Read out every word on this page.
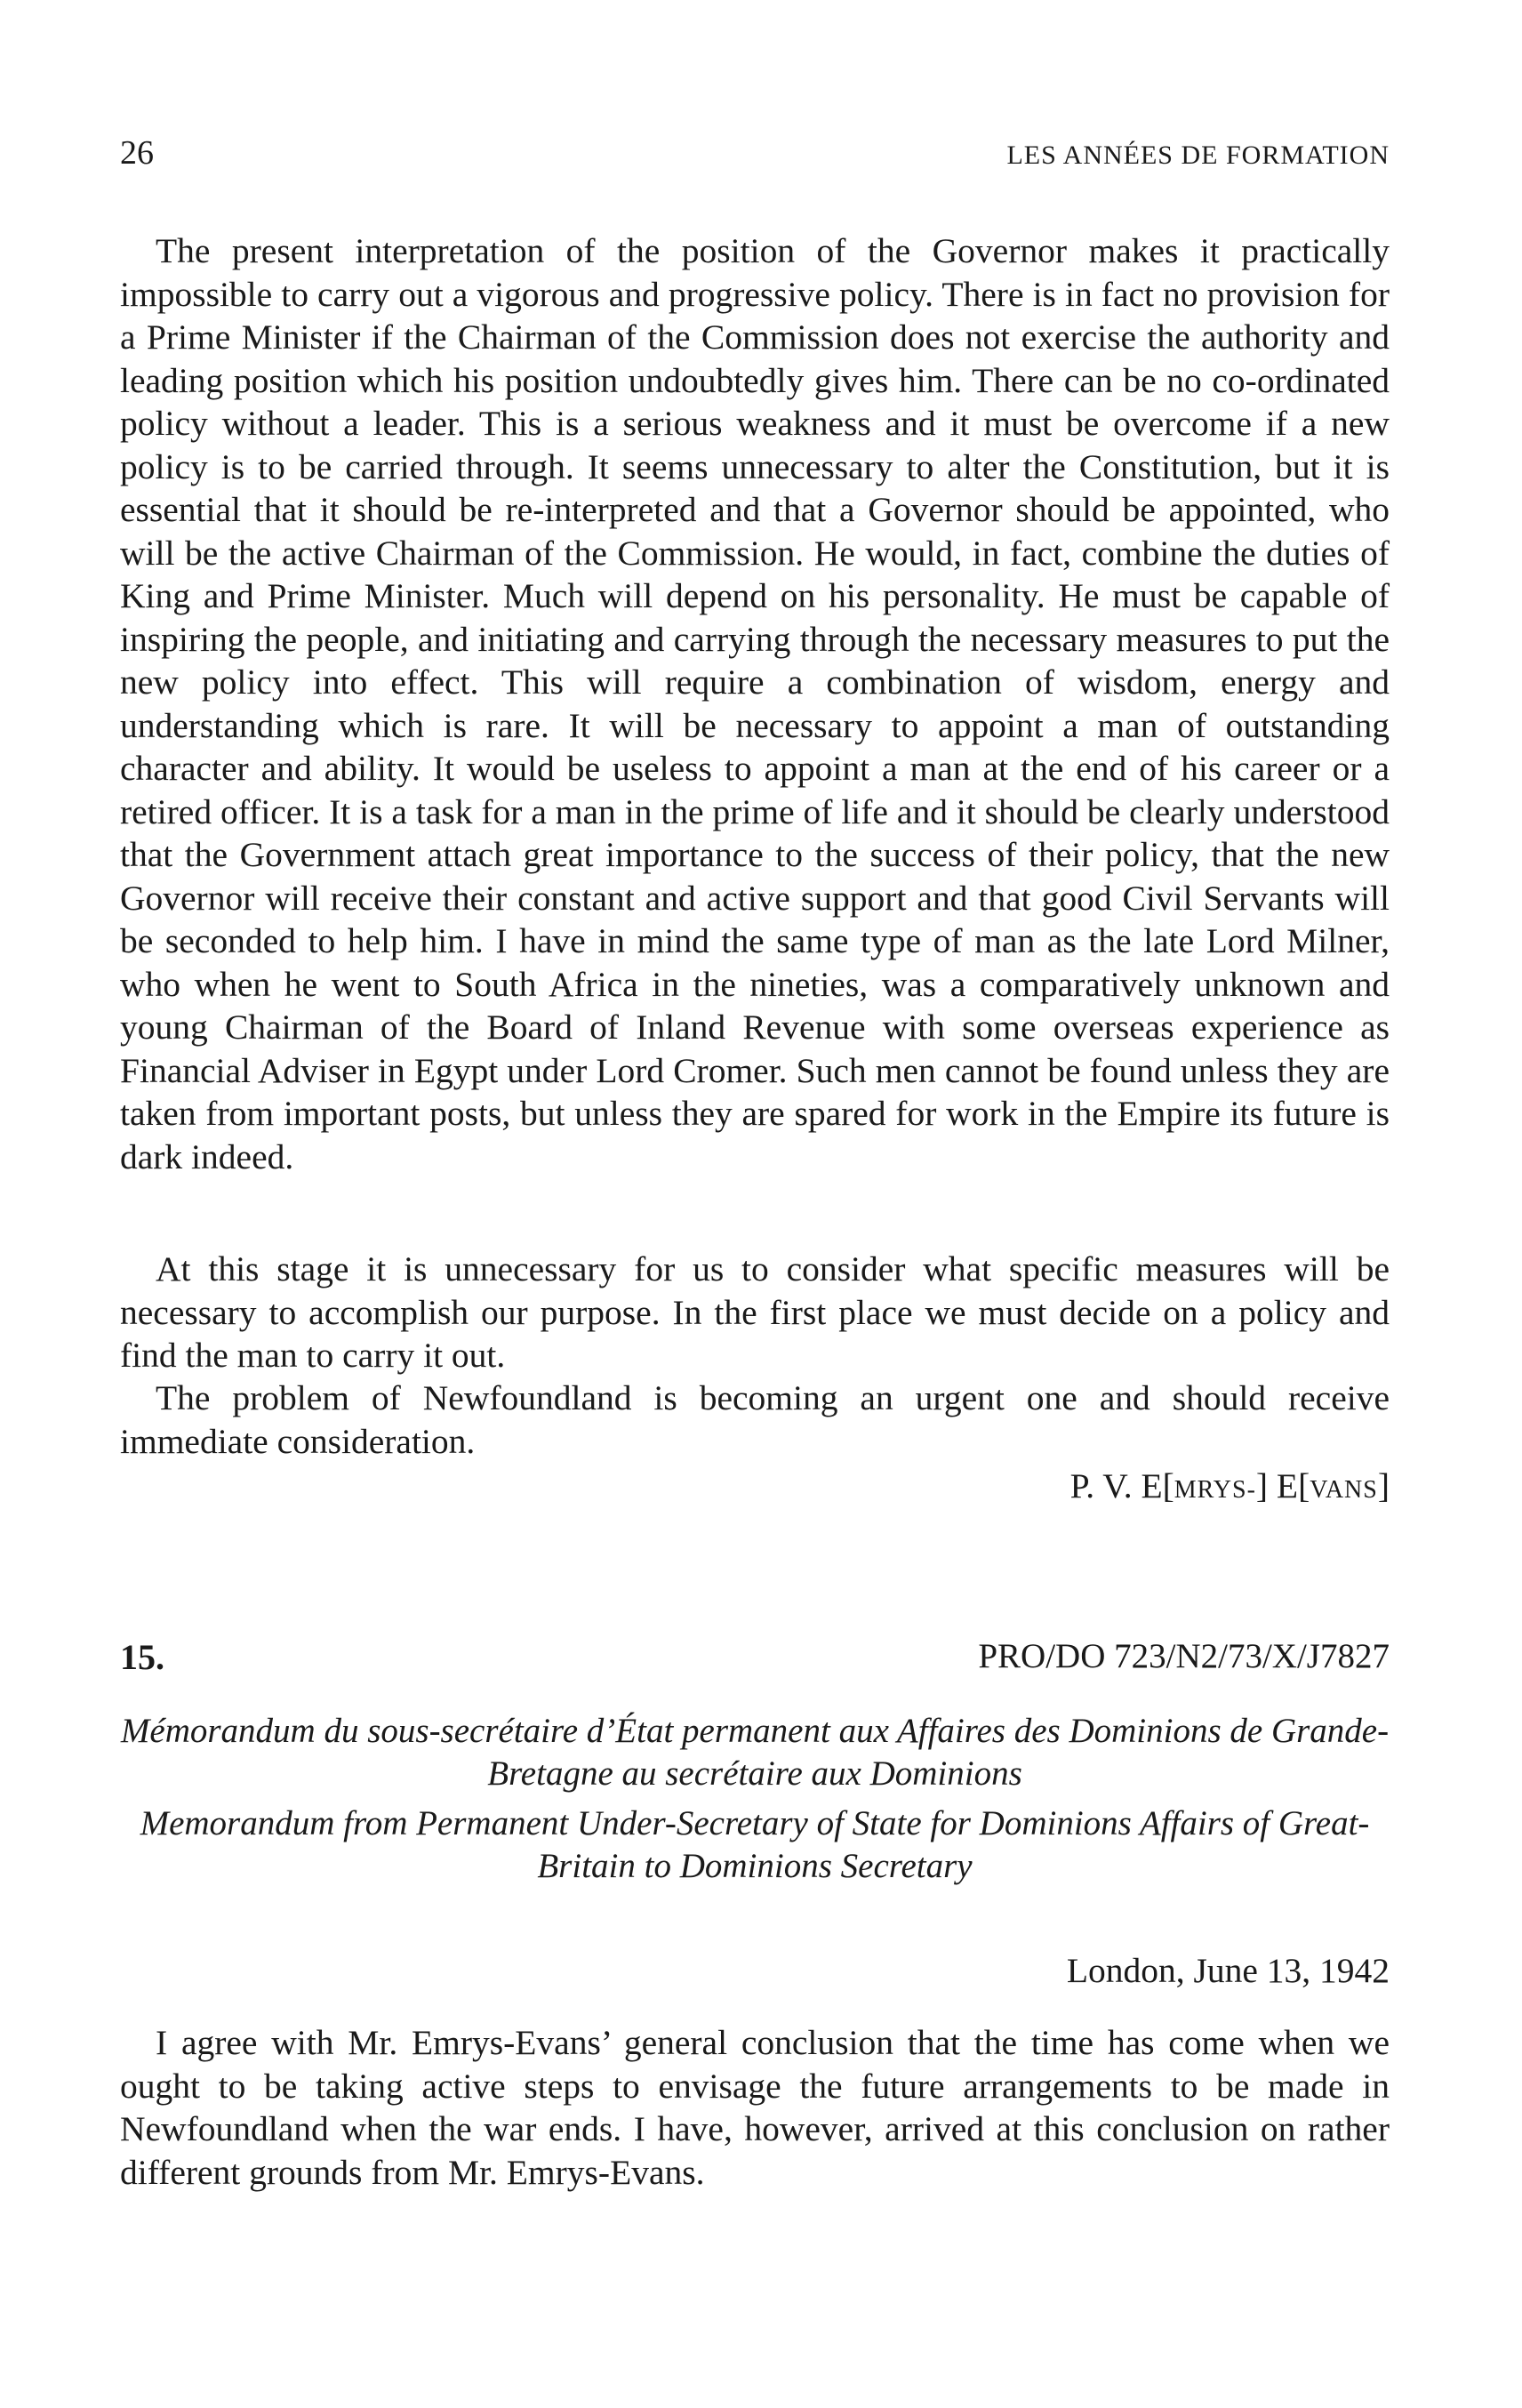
26	LES ANNÉES DE FORMATION

The present interpretation of the position of the Governor makes it practically impossible to carry out a vigorous and progressive policy. There is in fact no provision for a Prime Minister if the Chairman of the Commission does not exercise the authority and leading position which his position undoubtedly gives him. There can be no co-ordinated policy without a leader. This is a serious weakness and it must be overcome if a new policy is to be carried through. It seems unnecessary to alter the Constitution, but it is essential that it should be re-interpreted and that a Governor should be appointed, who will be the active Chairman of the Commission. He would, in fact, combine the duties of King and Prime Minister. Much will depend on his personality. He must be capable of inspiring the people, and initiating and carrying through the necessary measures to put the new policy into effect. This will require a combination of wisdom, energy and understanding which is rare. It will be necessary to appoint a man of outstanding character and ability. It would be useless to appoint a man at the end of his career or a retired officer. It is a task for a man in the prime of life and it should be clearly understood that the Government attach great importance to the success of their policy, that the new Governor will receive their constant and active support and that good Civil Servants will be seconded to help him. I have in mind the same type of man as the late Lord Milner, who when he went to South Africa in the nineties, was a comparatively unknown and young Chairman of the Board of Inland Revenue with some overseas experience as Financial Adviser in Egypt under Lord Cromer. Such men cannot be found unless they are taken from important posts, but unless they are spared for work in the Empire its future is dark indeed.

At this stage it is unnecessary for us to consider what specific measures will be necessary to accomplish our purpose. In the first place we must decide on a policy and find the man to carry it out.

The problem of Newfoundland is becoming an urgent one and should receive immediate consideration.

P. V. E[MRYS-] E[VANS]
15.	PRO/DO 723/N2/73/X/J7827

Mémorandum du sous-secrétaire d’État permanent aux Affaires des Dominions de Grande-Bretagne au secrétaire aux Dominions

Memorandum from Permanent Under-Secretary of State for Dominions Affairs of Great-Britain to Dominions Secretary

London, June 13, 1942

I agree with Mr. Emrys-Evans’ general conclusion that the time has come when we ought to be taking active steps to envisage the future arrangements to be made in Newfoundland when the war ends. I have, however, arrived at this conclusion on rather different grounds from Mr. Emrys-Evans.
